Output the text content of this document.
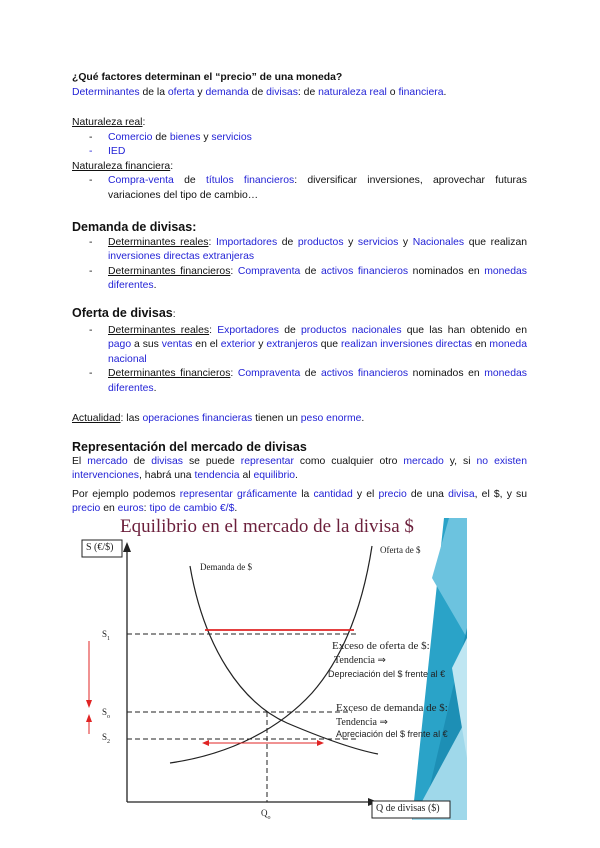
¿Qué factores determinan el “precio” de una moneda?
Determinantes de la oferta y demanda de divisas: de naturaleza real o financiera.
Naturaleza real:
- Comercio de bienes y servicios
- IED
Naturaleza financiera:
- Compra-venta de títulos financieros: diversificar inversiones, aprovechar futuras variaciones del tipo de cambio…
Demanda de divisas:
- Determinantes reales: Importadores de productos y servicios y Nacionales que realizan inversiones directas extranjeras
- Determinantes financieros: Compraventa de activos financieros nominados en monedas diferentes.
Oferta de divisas:
- Determinantes reales: Exportadores de productos nacionales que las han obtenido en pago a sus ventas en el exterior y extranjeros que realizan inversiones directas en moneda nacional
- Determinantes financieros: Compraventa de activos financieros nominados en monedas diferentes.
Actualidad: las operaciones financieras tienen un peso enorme.
Representación del mercado de divisas
El mercado de divisas se puede representar como cualquier otro mercado y, si no existen intervenciones, habrá una tendencia al equilibrio.
Por ejemplo podemos representar gráficamente la cantidad y el precio de una divisa, el $, y su precio en euros: tipo de cambio €/$.
Equilibrio en el mercado de la divisa $
S (€/$)
Q de divisas ($)
Demanda de $
Oferta de $
$S_1$
$S_o$
$S_2$
$Q_o$
Exceso de oferta de $:
Tendencia ⇒
Depreciación del $ frente al €
Exceso de demanda de $:
Tendencia ⇒
Apreciación del $ frente al €
